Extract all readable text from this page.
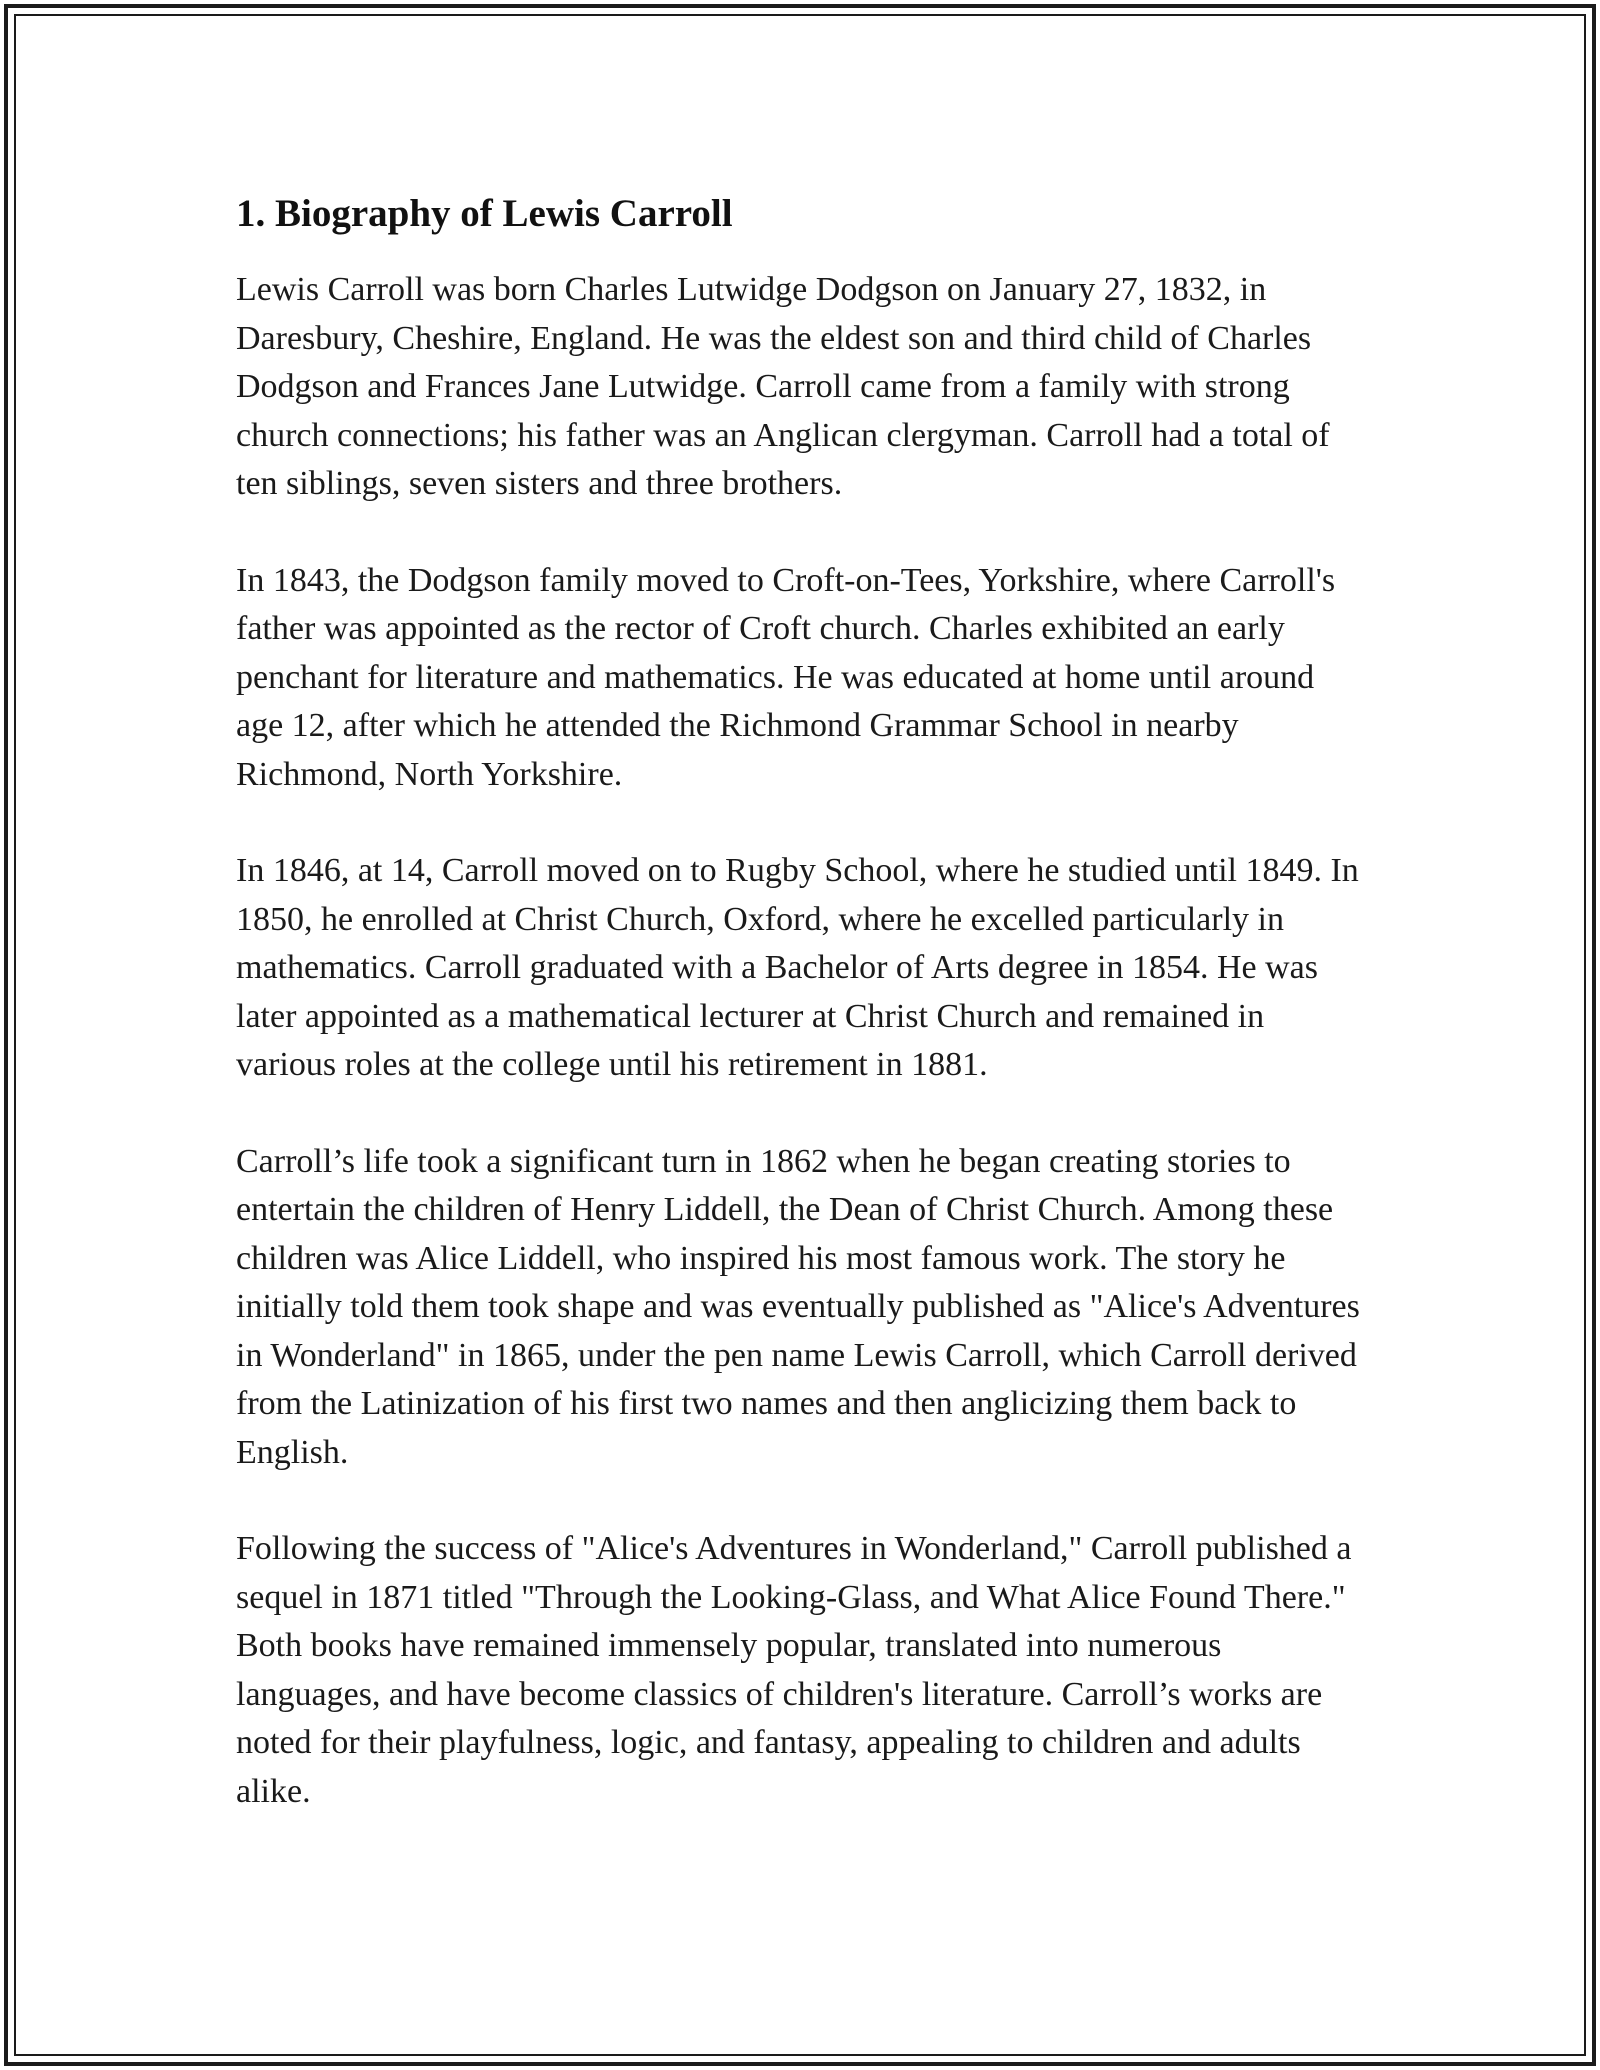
1. Biography of Lewis Carroll

Lewis Carroll was born Charles Lutwidge Dodgson on January 27, 1832, in Daresbury, Cheshire, England. He was the eldest son and third child of Charles Dodgson and Frances Jane Lutwidge. Carroll came from a family with strong church connections; his father was an Anglican clergyman. Carroll had a total of ten siblings, seven sisters and three brothers.

In 1843, the Dodgson family moved to Croft-on-Tees, Yorkshire, where Carroll's father was appointed as the rector of Croft church. Charles exhibited an early penchant for literature and mathematics. He was educated at home until around age 12, after which he attended the Richmond Grammar School in nearby Richmond, North Yorkshire.

In 1846, at 14, Carroll moved on to Rugby School, where he studied until 1849. In 1850, he enrolled at Christ Church, Oxford, where he excelled particularly in mathematics. Carroll graduated with a Bachelor of Arts degree in 1854. He was later appointed as a mathematical lecturer at Christ Church and remained in various roles at the college until his retirement in 1881.

Carroll’s life took a significant turn in 1862 when he began creating stories to entertain the children of Henry Liddell, the Dean of Christ Church. Among these children was Alice Liddell, who inspired his most famous work. The story he initially told them took shape and was eventually published as "Alice's Adventures in Wonderland" in 1865, under the pen name Lewis Carroll, which Carroll derived from the Latinization of his first two names and then anglicizing them back to English.

Following the success of "Alice's Adventures in Wonderland," Carroll published a sequel in 1871 titled "Through the Looking-Glass, and What Alice Found There." Both books have remained immensely popular, translated into numerous languages, and have become classics of children's literature. Carroll’s works are noted for their playfulness, logic, and fantasy, appealing to children and adults alike.
